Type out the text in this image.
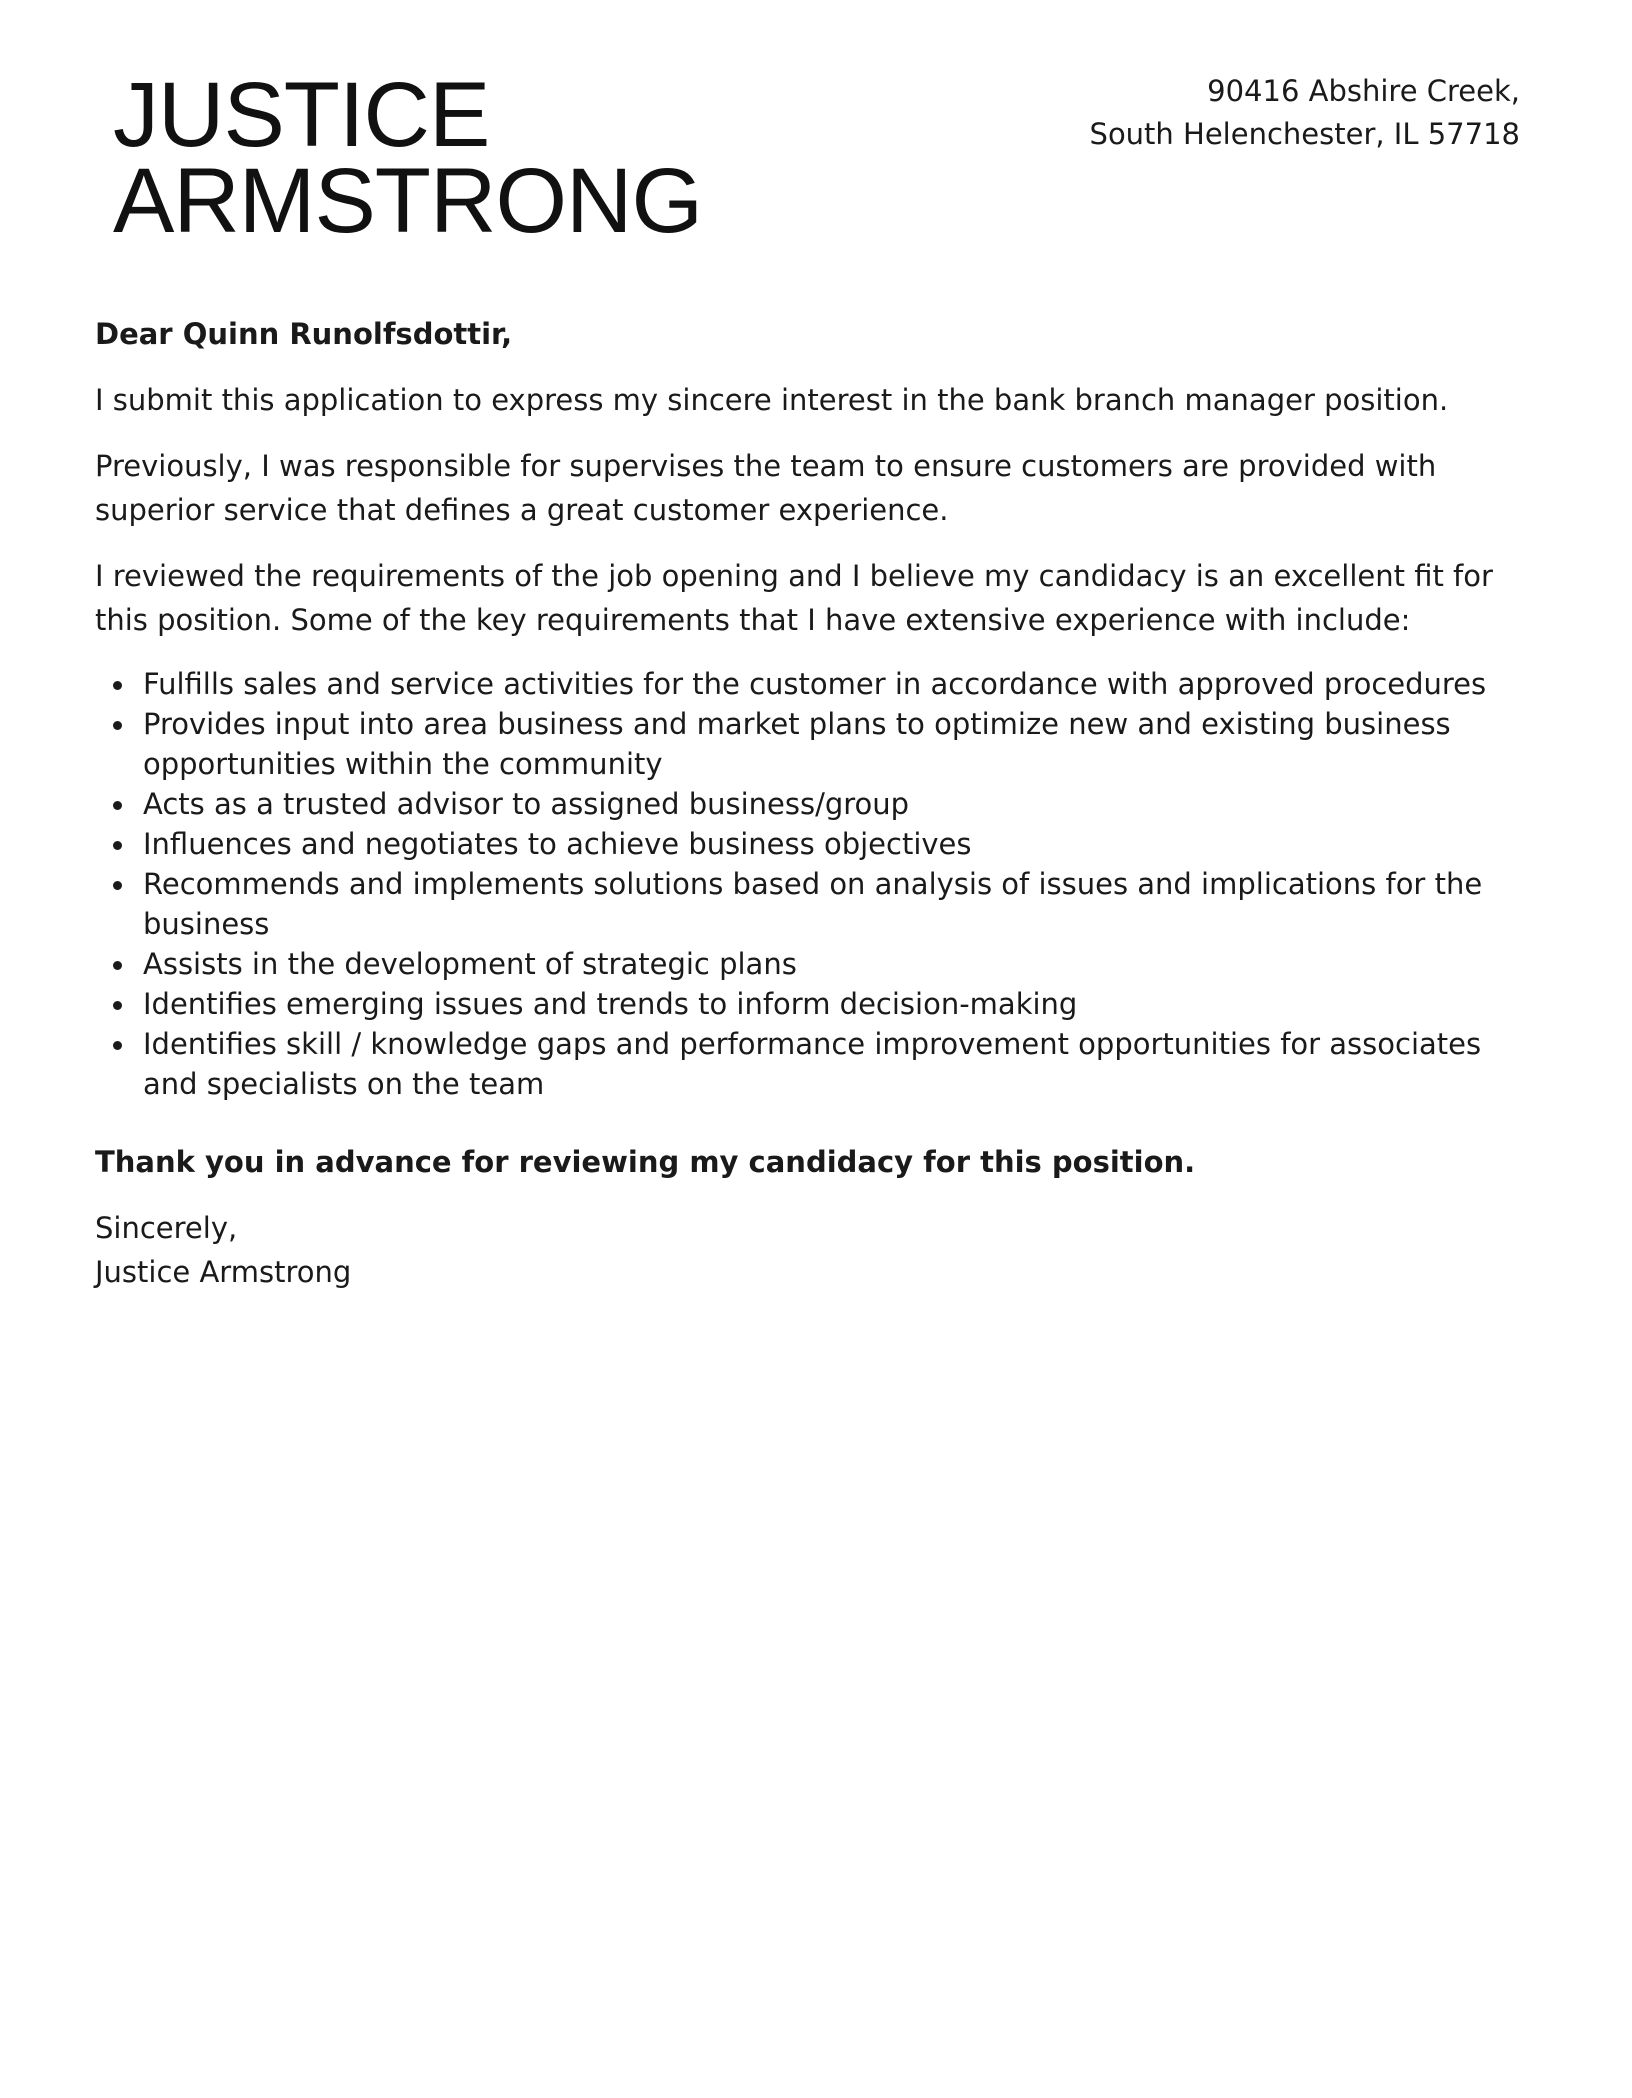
JUSTICE
ARMSTRONG
90416 Abshire Creek,
South Helenchester, IL 57718

Dear Quinn Runolfsdottir,

I submit this application to express my sincere interest in the bank branch manager position.

Previously, I was responsible for supervises the team to ensure customers are provided with superior service that defines a great customer experience.

I reviewed the requirements of the job opening and I believe my candidacy is an excellent fit for this position. Some of the key requirements that I have extensive experience with include:

Fulfills sales and service activities for the customer in accordance with approved procedures
Provides input into area business and market plans to optimize new and existing business opportunities within the community
Acts as a trusted advisor to assigned business/group
Influences and negotiates to achieve business objectives
Recommends and implements solutions based on analysis of issues and implications for the business
Assists in the development of strategic plans
Identifies emerging issues and trends to inform decision-making
Identifies skill / knowledge gaps and performance improvement opportunities for associates and specialists on the team

Thank you in advance for reviewing my candidacy for this position.

Sincerely,
Justice Armstrong
